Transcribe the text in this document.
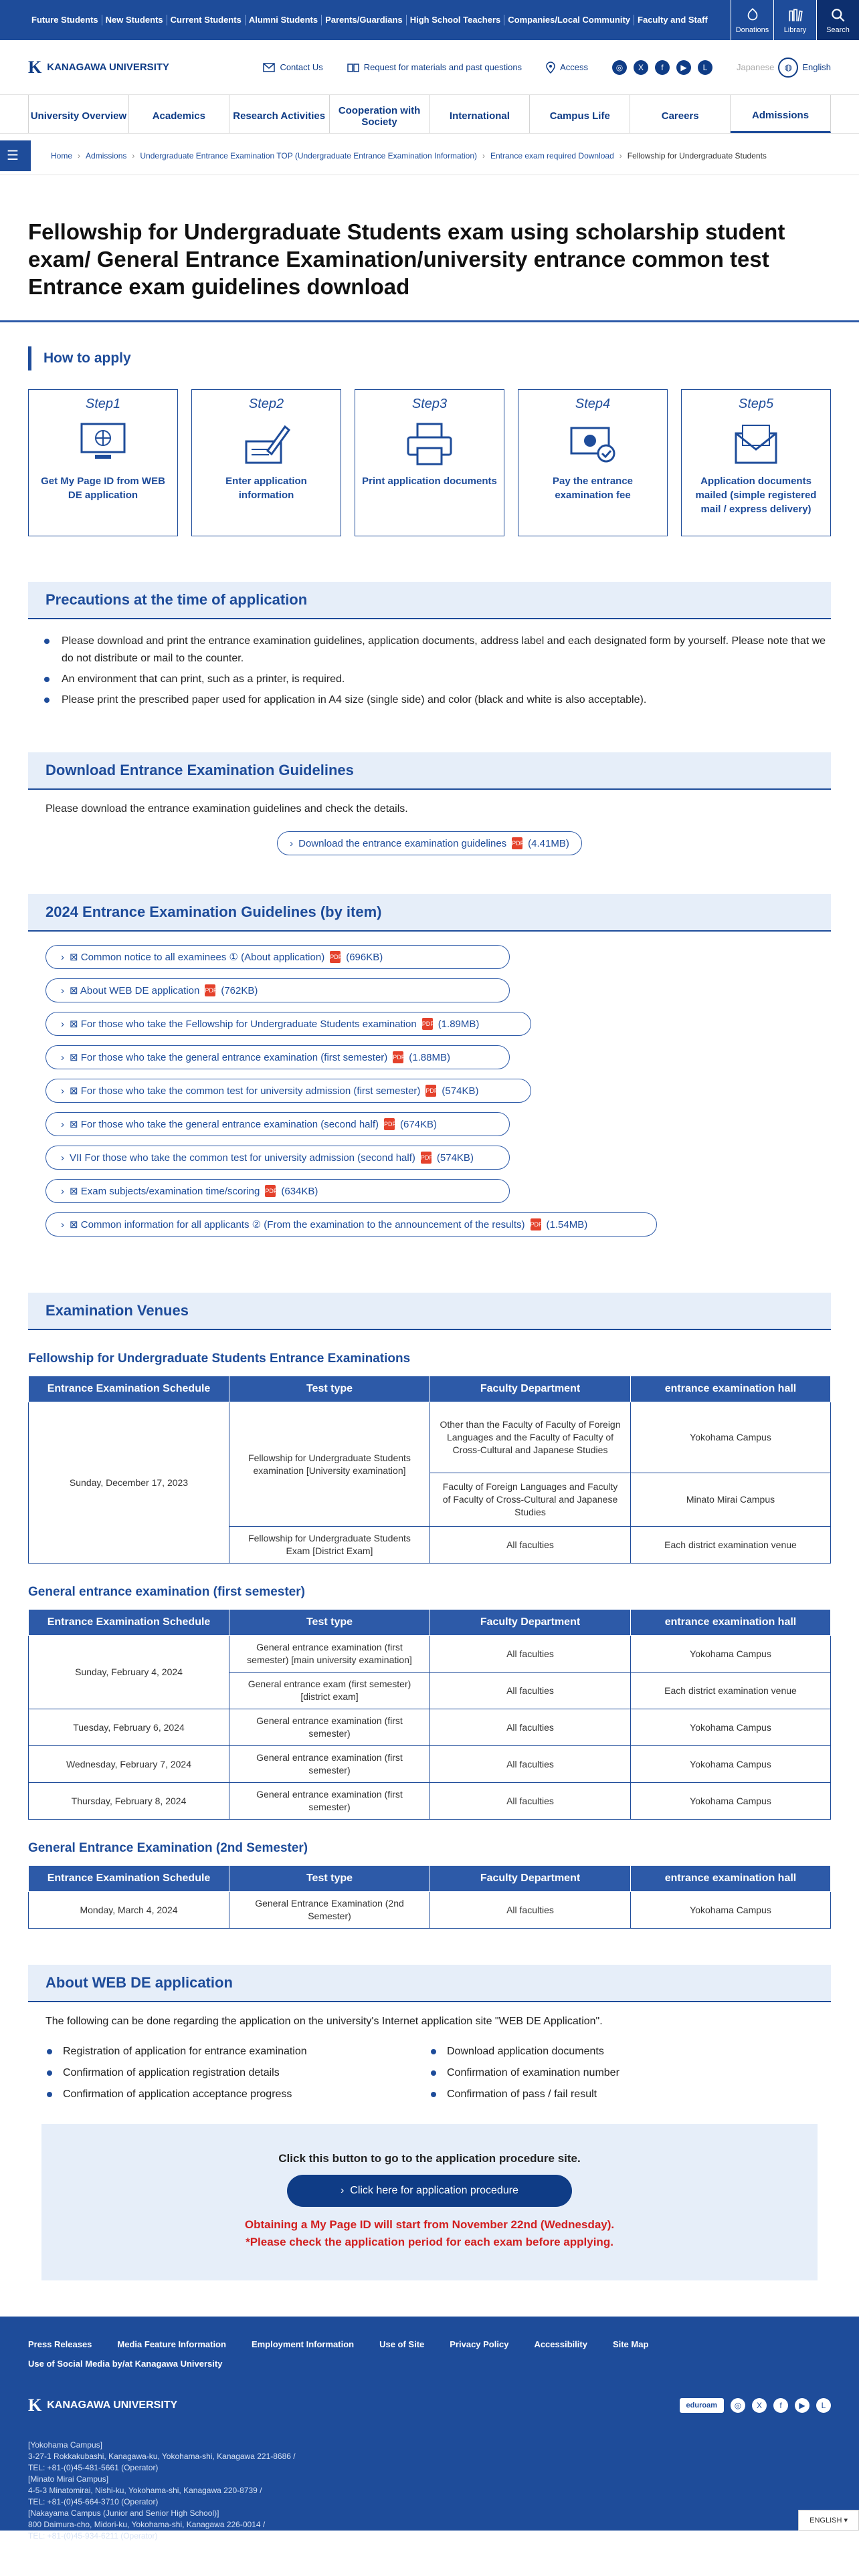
Future Students New Students Current Students Alumni Students Parents/Guardians High School Teachers Companies/Local Community Faculty and Staff
Donations Library	Search
K KANAGAWA UNIVERSITY	Contact Us	Request for materials and past questions	Access	◎	X	f	▶	L	Japanese	◍	English
University Overview	Academics	Research Activities	Cooperation with Society	International	Campus Life	Careers	Admissions
☰	Home › Admissions › Undergraduate Entrance Examination TOP (Undergraduate Entrance Examination Information) › Entrance exam required Download › Fellowship for Undergraduate Students
Fellowship for Undergraduate Students exam using scholarship student exam/ General Entrance Examination/university entrance common test Entrance exam guidelines download
How to apply
Step1
Get My Page ID from WEB DE application
Step2
Enter application information
Step3
Print application documents
Step4
Pay the entrance examination fee
Step5
Application documents mailed (simple registered mail / express delivery)
Precautions at the time of application
Please download and print the entrance examination guidelines, application documents, address label and each designated form by yourself. Please note that we do not distribute or mail to the counter.
An environment that can print, such as a printer, is required.
Please print the prescribed paper used for application in A4 size (single side) and color (black and white is also acceptable).
Download Entrance Examination Guidelines
Please download the entrance examination guidelines and check the details.
› Download the entrance examination guidelines PDF (4.41MB)
2024 Entrance Examination Guidelines (by item)
› ⊠ Common notice to all examinees ① (About application) PDF (696KB)
› ⊠ About WEB DE application PDF (762KB)
› ⊠ For those who take the Fellowship for Undergraduate Students examination PDF (1.89MB)
› ⊠ For those who take the general entrance examination (first semester) PDF (1.88MB)
› ⊠ For those who take the common test for university admission (first semester) PDF (574KB)
› ⊠ For those who take the general entrance examination (second half) PDF (674KB)
› VII For those who take the common test for university admission (second half) PDF (574KB)
› ⊠ Exam subjects/examination time/scoring PDF (634KB)
› ⊠ Common information for all applicants ② (From the examination to the announcement of the results) PDF (1.54MB)
Examination Venues
Fellowship for Undergraduate Students Entrance Examinations
Entrance Examination Schedule	Test type	Faculty Department	entrance examination hall
Sunday, December 17, 2023	Fellowship for Undergraduate Students examination [University examination]	Other than the Faculty of Faculty of Foreign Languages and the Faculty of Faculty of Cross-Cultural and Japanese Studies	Yokohama Campus
		Faculty of Foreign Languages and Faculty of Faculty of Cross-Cultural and Japanese Studies	Minato Mirai Campus
	Fellowship for Undergraduate Students Exam [District Exam]	All faculties	Each district examination venue
General entrance examination (first semester)
Entrance Examination Schedule	Test type	Faculty Department	entrance examination hall
Sunday, February 4, 2024	General entrance examination (first semester) [main university examination]	All faculties	Yokohama Campus
	General entrance exam (first semester) [district exam]	All faculties	Each district examination venue
Tuesday, February 6, 2024	General entrance examination (first semester)	All faculties	Yokohama Campus
Wednesday, February 7, 2024	General entrance examination (first semester)	All faculties	Yokohama Campus
Thursday, February 8, 2024	General entrance examination (first semester)	All faculties	Yokohama Campus
General Entrance Examination (2nd Semester)
Entrance Examination Schedule	Test type	Faculty Department	entrance examination hall
Monday, March 4, 2024	General Entrance Examination (2nd Semester)	All faculties	Yokohama Campus
About WEB DE application
The following can be done regarding the application on the university's Internet application site "WEB DE Application".
Registration of application for entrance examination
Confirmation of application registration details
Confirmation of application acceptance progress
Download application documents
Confirmation of examination number
Confirmation of pass / fail result
Click this button to go to the application procedure site.
›  Click here for application procedure
Obtaining a My Page ID will start from November 22nd (Wednesday).
*Please check the application period for each exam before applying.
Press Releases	Media Feature Information	Employment Information	Use of Site	Privacy Policy	Accessibility	Site Map
Use of Social Media by/at Kanagawa University
K KANAGAWA UNIVERSITY	eduroam	◎	X	f	▶	L
[Yokohama Campus]
3-27-1 Rokkakubashi, Kanagawa-ku, Yokohama-shi, Kanagawa 221-8686 /
TEL: +81-(0)45-481-5661 (Operator)
[Minato Mirai Campus]
4-5-3 Minatomirai, Nishi-ku, Yokohama-shi, Kanagawa 220-8739 /
TEL: +81-(0)45-664-3710 (Operator)
[Nakayama Campus (Junior and Senior High School)]
800 Daimura-cho, Midori-ku, Yokohama-shi, Kanagawa 226-0014 /
TEL: +81-(0)45-934-6211 (Operator)
ENGLISH ▾
